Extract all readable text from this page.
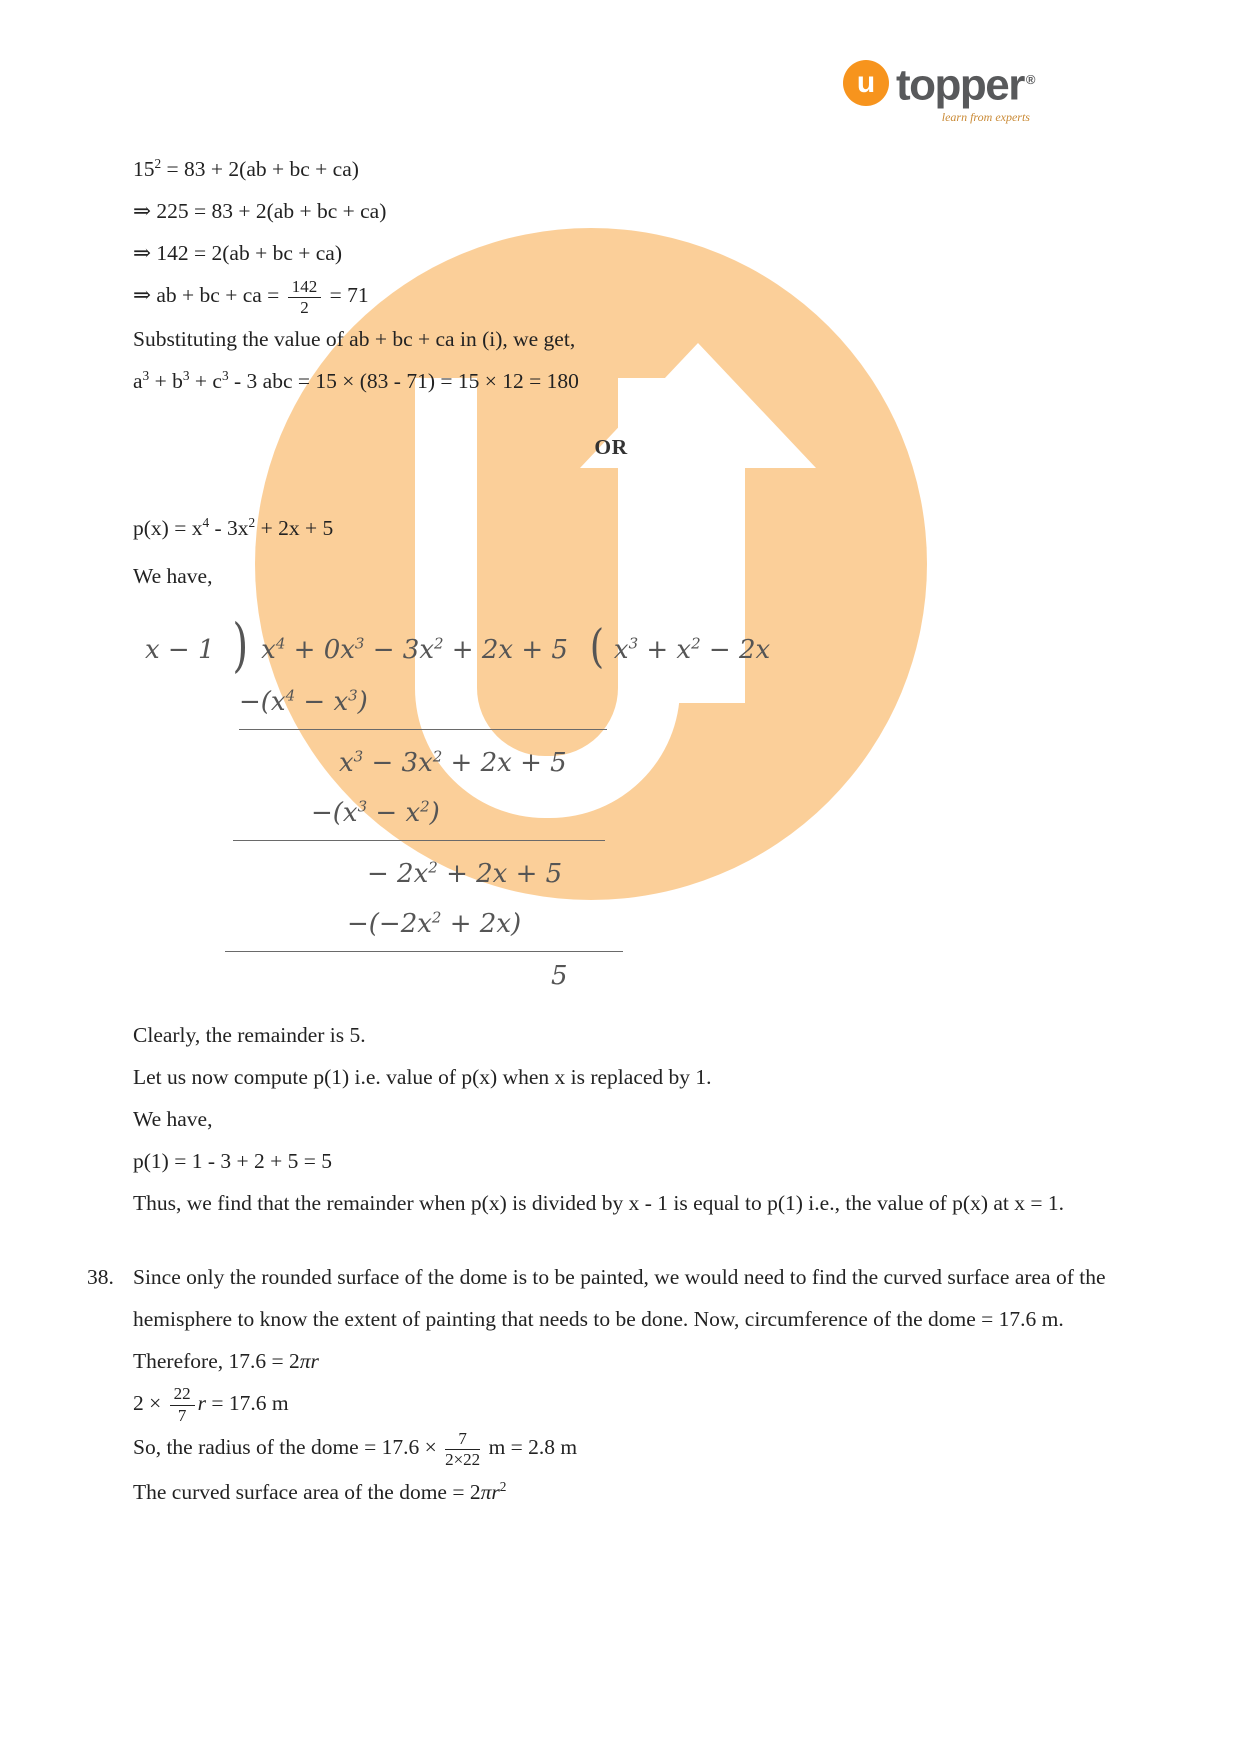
u topper ®
learn from experts
$15^2 = 83 + 2(ab$ + bc + ca)
⇒ 225 = 83 + 2(ab + bc + ca)
⇒ 142 = 2(ab + bc + ca)
⇒ ab + bc + ca = $\frac{142}{2} = 71$
Substituting the value of ab + bc + ca in (i), we get,
$a^3 + b^3 + c^3 - 3$ abc = 15 × (83 - 71) = 15 × 12 = 180
OR
$p(x) = x^4 - 3x^2 + 2x + 5$
We have,
x − 1 ) $x^4 + 0x^3 - 3x^2 + 2x + 5$ ( $x^3 + x^2 - 2x$
$-(x^4 - x^3)$
$x^3 - 3x^2 + 2x + 5$
$-(x^3 - x^2)$
− $2x^2 + 2x + 5$
$-(-2x^2 + 2x)$
5
Clearly, the remainder is 5.
Let us now compute p(1) i.e. value of p(x) when x is replaced by 1.
We have,
p(1) = 1 - 3 + 2 + 5 = 5
Thus, we find that the remainder when p(x) is divided by x - 1 is equal to p(1) i.e., the value of p(x) at x = 1.
38. Since only the rounded surface of the dome is to be painted, we would need to find the curved surface area of the hemisphere to know the extent of painting that needs to be done. Now, circumference of the dome = 17.6 m. Therefore, 17.6 = 2πr
$2 \times \frac{22}{7}$ r = 17.6 m
So, the radius of the dome = $17.6 \times \frac{7}{2\times 22}$ m = 2.8 m
The curved surface area of the dome = $2\pi r^2$
